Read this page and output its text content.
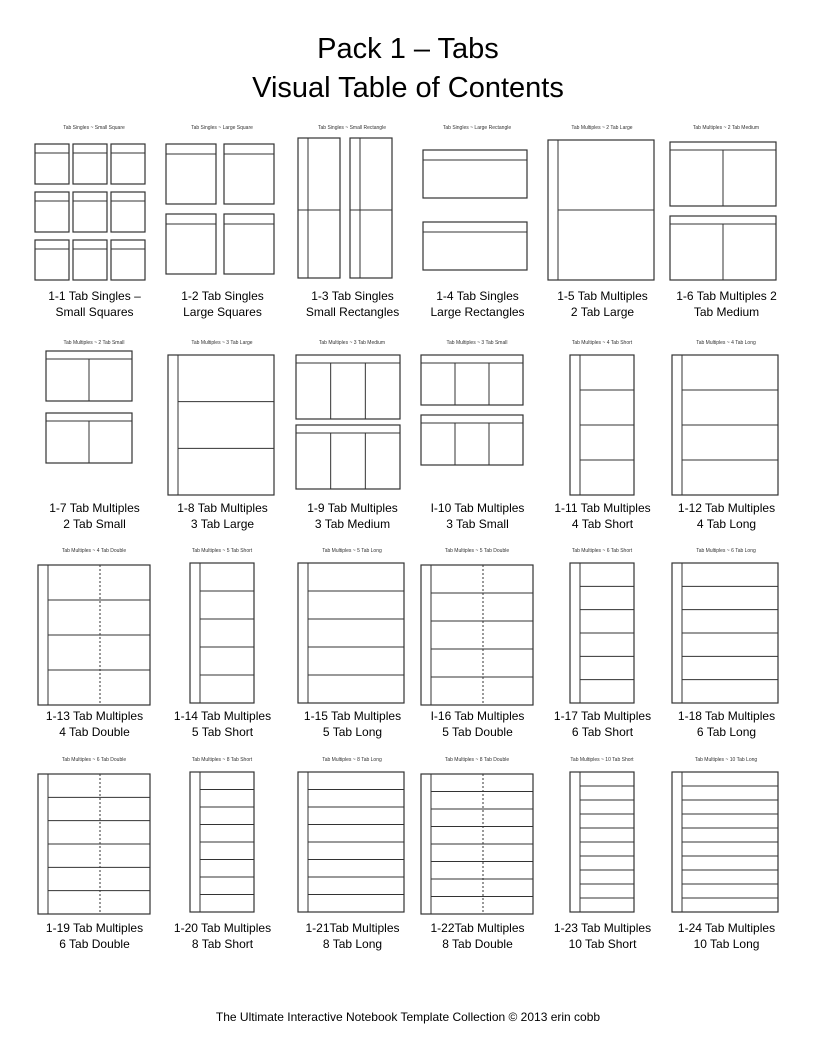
Pack 1 – Tabs
Visual Table of Contents
Tab Singles ~ Small Square
1-1 Tab Singles –
Small Squares
Tab Singles ~ Large Square
1-2 Tab Singles
Large Squares
Tab Singles ~ Small Rectangle
1-3 Tab Singles
Small Rectangles
Tab Singles ~ Large Rectangle
1-4 Tab Singles
Large Rectangles
Tab Multiples ~ 2 Tab Large
1-5 Tab Multiples
2 Tab Large
Tab Multiples ~ 2 Tab Medium
1-6 Tab Multiples 2
Tab Medium
Tab Multiples ~ 2 Tab Small
1-7 Tab Multiples
2 Tab Small
Tab Multiples ~ 3 Tab Large
1-8 Tab Multiples
3 Tab Large
Tab Multiples ~ 3 Tab Medium
1-9 Tab Multiples
3 Tab Medium
Tab Multiples ~ 3 Tab Small
I-10 Tab Multiples
3 Tab Small
Tab Multiples ~ 4 Tab Short
1-11 Tab Multiples
4 Tab Short
Tab Multiples ~ 4 Tab Long
1-12 Tab Multiples
4 Tab Long
Tab Multiples ~ 4 Tab Double
1-13 Tab Multiples
4 Tab Double
Tab Multiples ~ 5 Tab Short
1-14 Tab Multiples
5 Tab Short
Tab Multiples ~ 5 Tab Long
1-15 Tab Multiples
5 Tab Long
Tab Multiples ~ 5 Tab Double
I-16 Tab Multiples
5 Tab Double
Tab Multiples ~ 6 Tab Short
1-17 Tab Multiples
6 Tab Short
Tab Multiples ~ 6 Tab Long
1-18 Tab Multiples
6 Tab Long
Tab Multiples ~ 6 Tab Double
1-19 Tab Multiples
6 Tab Double
Tab Multiples ~ 8 Tab Short
1-20 Tab Multiples
8 Tab Short
Tab Multiples ~ 8 Tab Long
1-21Tab Multiples
8 Tab Long
Tab Multiples ~ 8 Tab Double
1-22Tab Multiples
8 Tab Double
Tab Multiples ~ 10 Tab Short
1-23 Tab Multiples
10 Tab Short
Tab Multiples ~ 10 Tab Long
1-24 Tab Multiples
10 Tab Long
The Ultimate Interactive Notebook Template Collection © 2013 erin cobb
